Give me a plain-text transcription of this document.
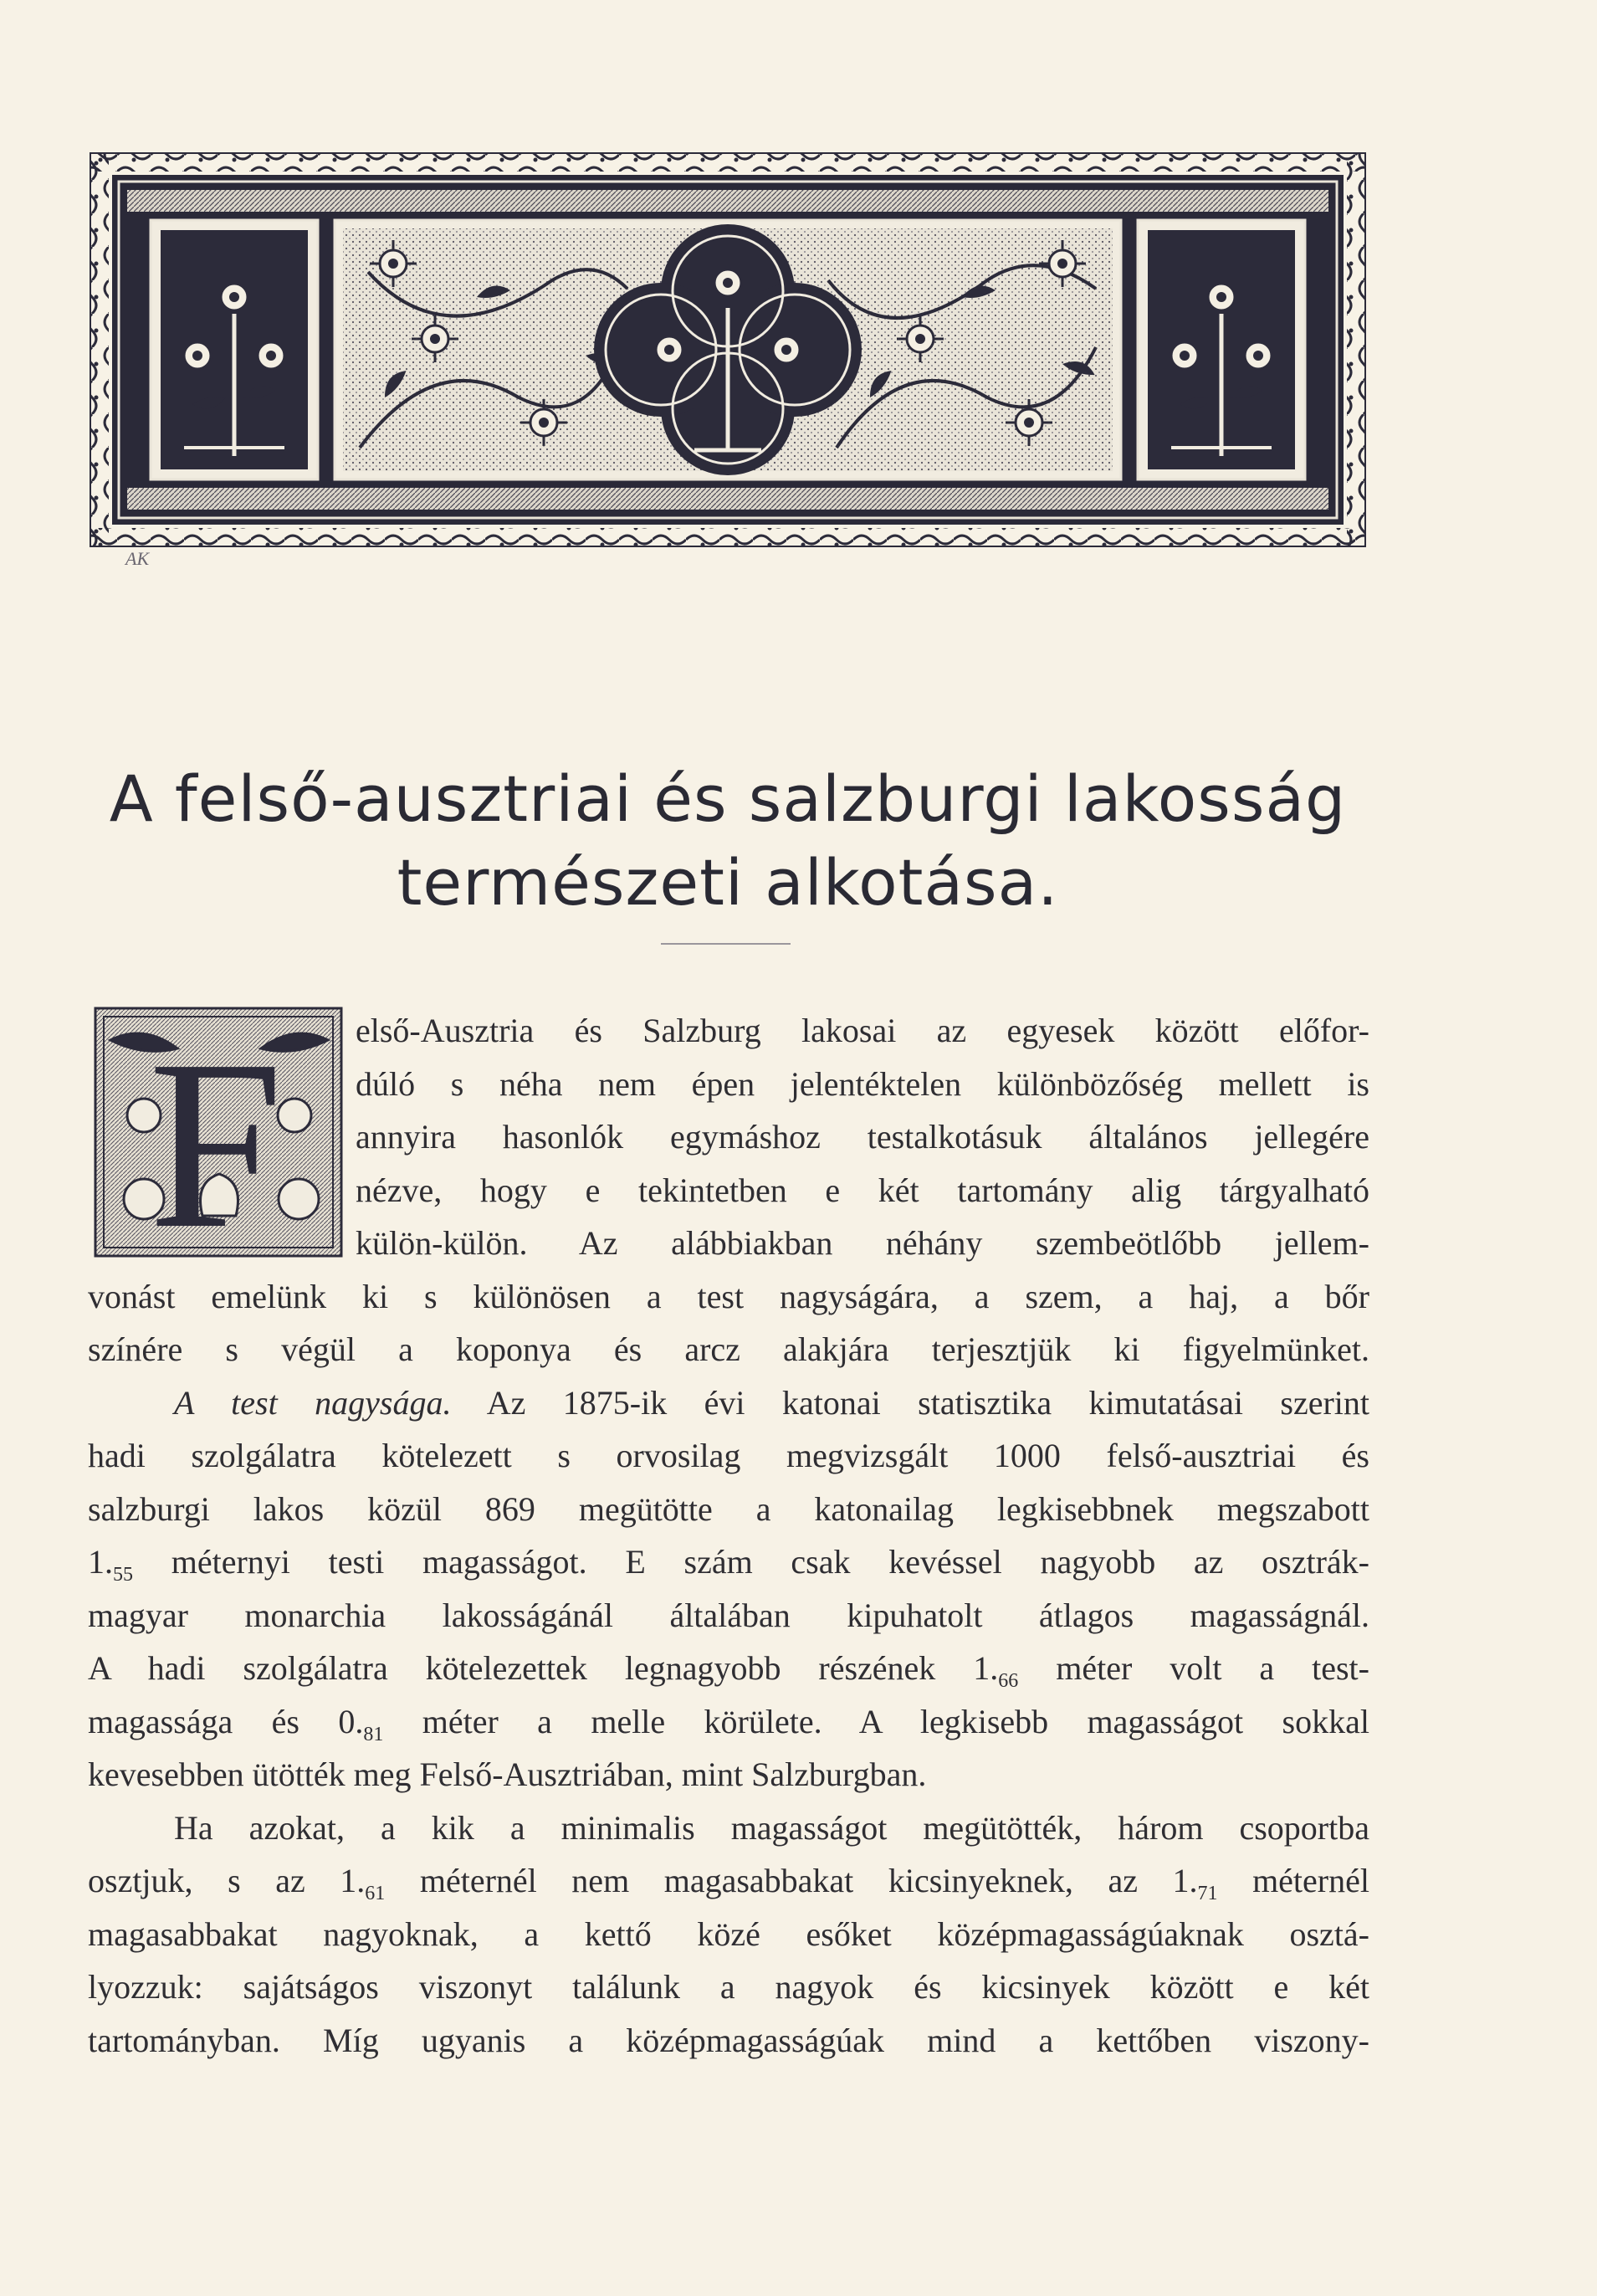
AK
A felső-ausztriai és salzburgi lakosság
természeti alkotása.
F első-Ausztria és Salzburg lakosai az egyesek között előfor-
dúló s néha nem épen jelentéktelen különbözőség mellett is
annyira hasonlók egymáshoz testalkotásuk általános jellegére
nézve, hogy e tekintetben e két tartomány alig tárgyalható
külön-külön. Az alábbiakban néhány szembeötlőbb jellem-
vonást emelünk ki s különösen a test nagyságára, a szem, a haj, a bőr
színére s végül a koponya és arcz alakjára terjesztjük ki figyelmünket.
A test nagysága. Az 1875-ik évi katonai statisztika kimutatásai szerint
hadi szolgálatra kötelezett s orvosilag megvizsgált 1000 felső-ausztriai és
salzburgi lakos közül 869 megütötte a katonailag legkisebbnek megszabott
$1._{55}$ méternyi testi magasságot. E szám csak kevéssel nagyobb az osztrák-
magyar monarchia lakosságánál általában kipuhatolt átlagos magasságnál.
A hadi szolgálatra kötelezettek legnagyobb részének $1._{66}$ méter volt a test-
magassága és $0._{81}$ méter a melle körülete. A legkisebb magasságot sokkal
kevesebben ütötték meg Felső-Ausztriában, mint Salzburgban.
Ha azokat, a kik a minimalis magasságot megütötték, három csoportba
osztjuk, s az $1._{61}$ méternél nem magasabbakat kicsinyeknek, az $1._{71}$ méternél
magasabbakat nagyoknak, a kettő közé esőket középmagasságúaknak osztá-
lyozzuk: sajátságos viszonyt találunk a nagyok és kicsinyek között e két
tartományban. Míg ugyanis a középmagasságúak mind a kettőben viszony-
